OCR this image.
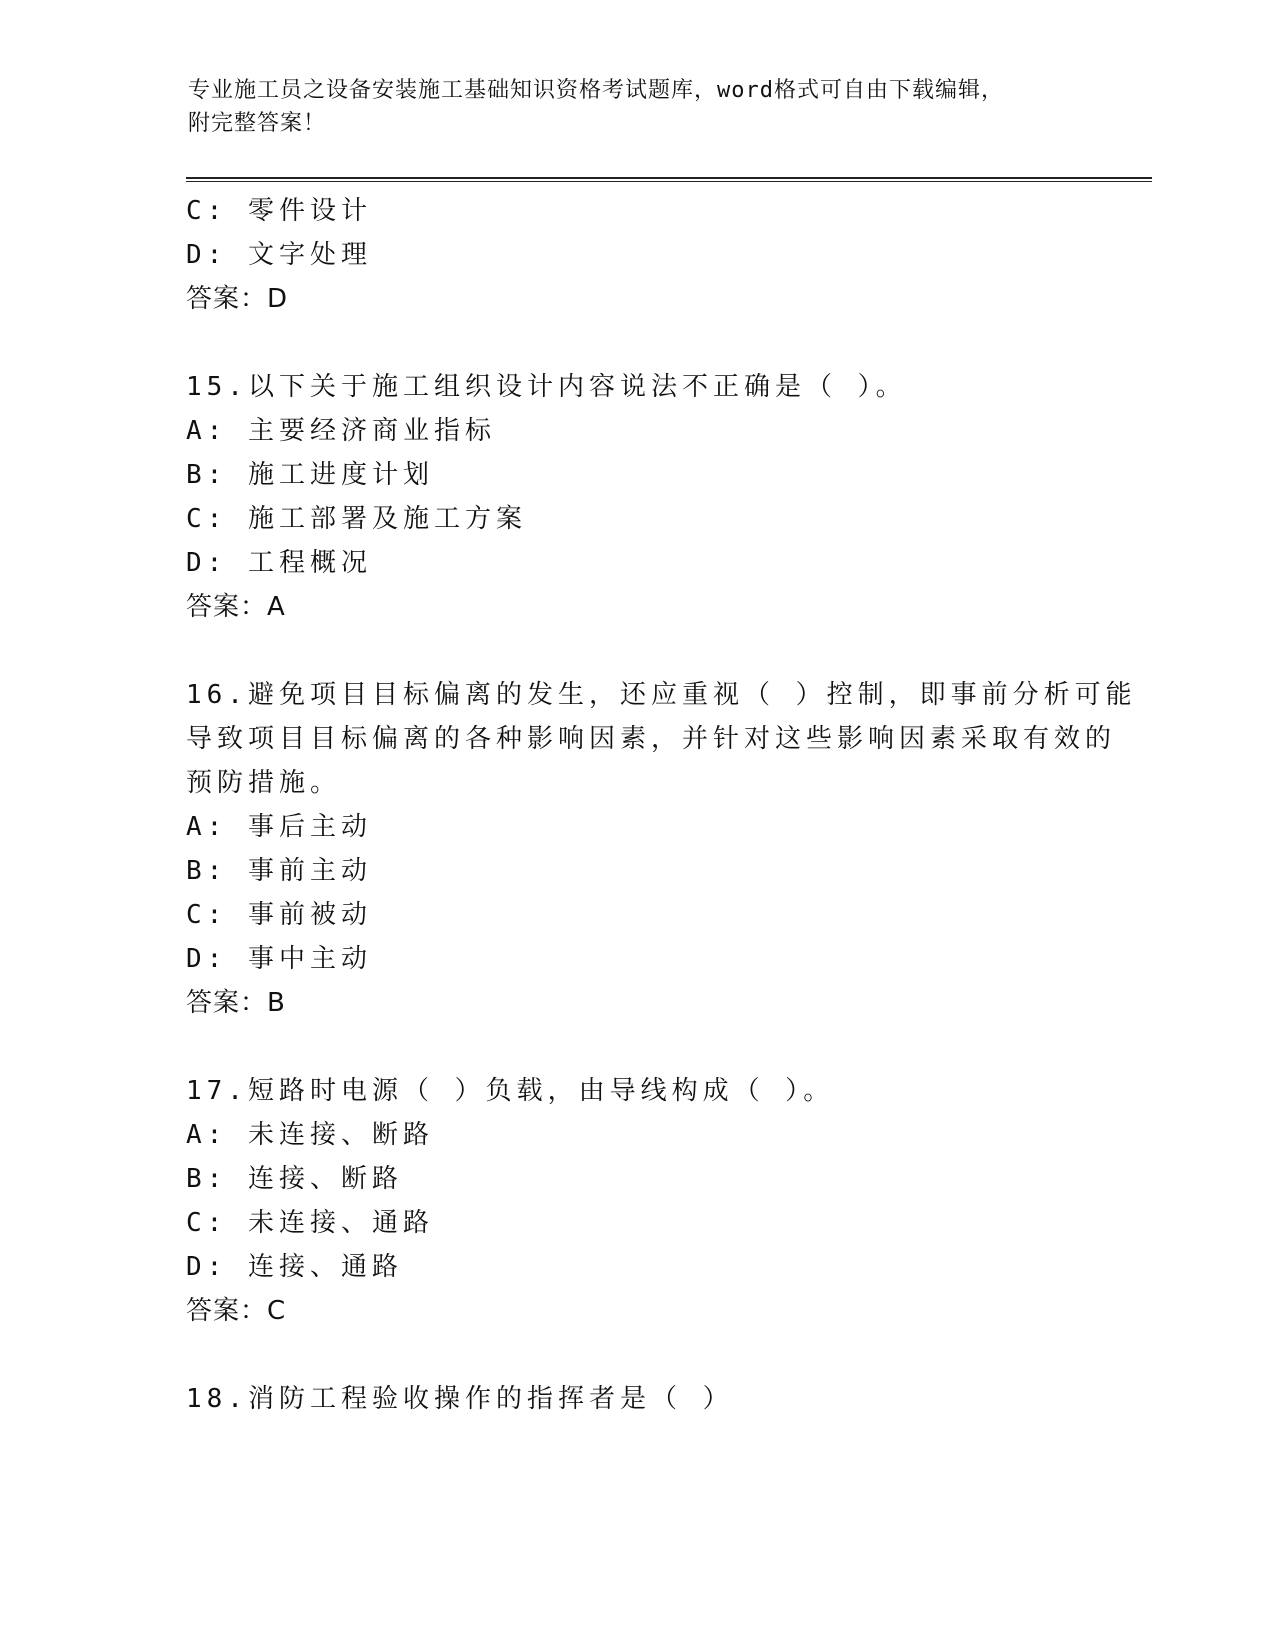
专业施工员之设备安装施工基础知识资格考试题库，word格式可自由下载编辑，
附完整答案！
C: 零件设计
D: 文字处理
答案：D
15.以下关于施工组织设计内容说法不正确是（ ）。
A: 主要经济商业指标
B: 施工进度计划
C: 施工部署及施工方案
D: 工程概况
答案：A
16.避免项目目标偏离的发生，还应重视（ ）控制，即事前分析可能
导致项目目标偏离的各种影响因素，并针对这些影响因素采取有效的
预防措施。
A: 事后主动
B: 事前主动
C: 事前被动
D: 事中主动
答案：B
17.短路时电源（ ）负载，由导线构成（ ）。
A: 未连接、断路
B: 连接、断路
C: 未连接、通路
D: 连接、通路
答案：C
18.消防工程验收操作的指挥者是（ ）
